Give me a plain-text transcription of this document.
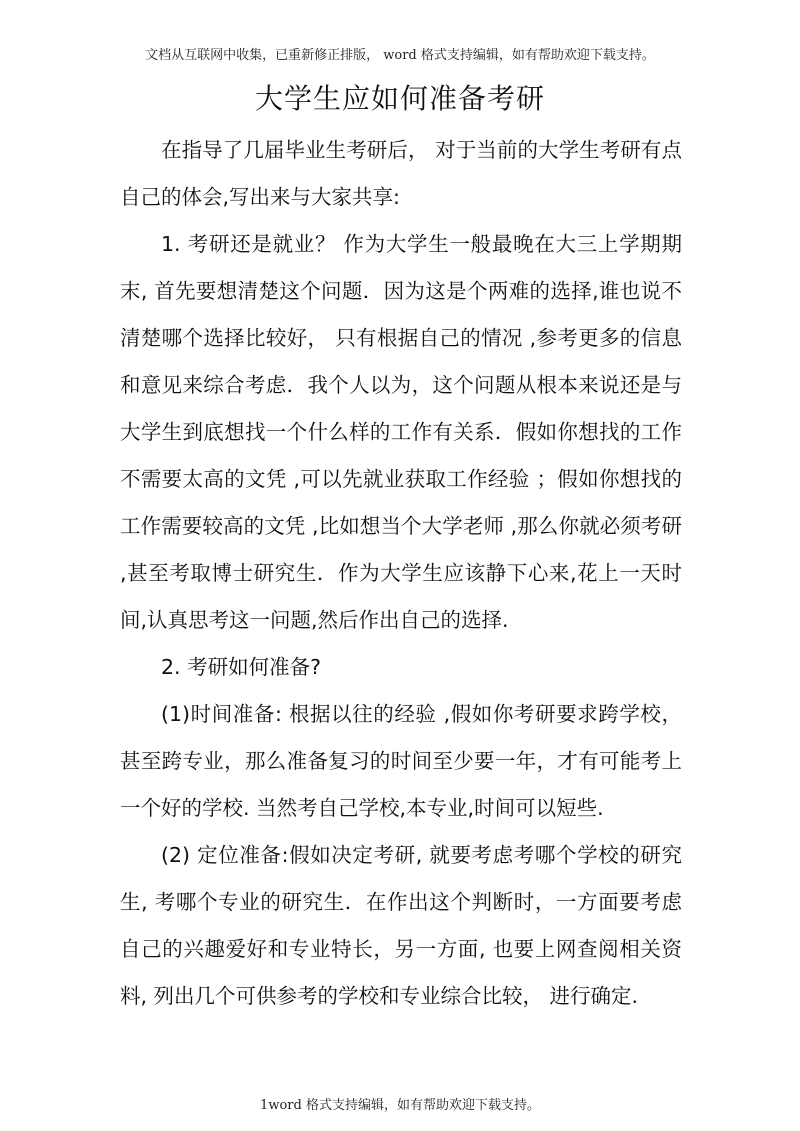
文档从互联网中收集，已重新修正排版， word 格式支持编辑，如有帮助欢迎下载支持。
大学生应如何准备考研

在指导了几届毕业生考研后， 对于当前的大学生考研有点自己的体会,写出来与大家共享:

1. 考研还是就业？ 作为大学生一般最晚在大三上学期期末, 首先要想清楚这个问题．因为这是个两难的选择,谁也说不清楚哪个选择比较好， 只有根据自己的情况 ,参考更多的信息和意见来综合考虑．我个人以为，这个问题从根本来说还是与大学生到底想找一个什么样的工作有关系．假如你想找的工作不需要太高的文凭 ,可以先就业获取工作经验 ；假如你想找的工作需要较高的文凭 ,比如想当个大学老师 ,那么你就必须考研 ,甚至考取博士研究生．作为大学生应该静下心来,花上一天时间,认真思考这一问题,然后作出自己的选择.

2. 考研如何准备?

(1)时间准备: 根据以往的经验 ,假如你考研要求跨学校，甚至跨专业，那么准备复习的时间至少要一年，才有可能考上一个好的学校. 当然考自己学校,本专业,时间可以短些.

(2) 定位准备:假如决定考研, 就要考虑考哪个学校的研究生, 考哪个专业的研究生．在作出这个判断时，一方面要考虑自己的兴趣爱好和专业特长，另一方面, 也要上网查阅相关资料, 列出几个可供参考的学校和专业综合比较， 进行确定.

1word 格式支持编辑，如有帮助欢迎下载支持。
